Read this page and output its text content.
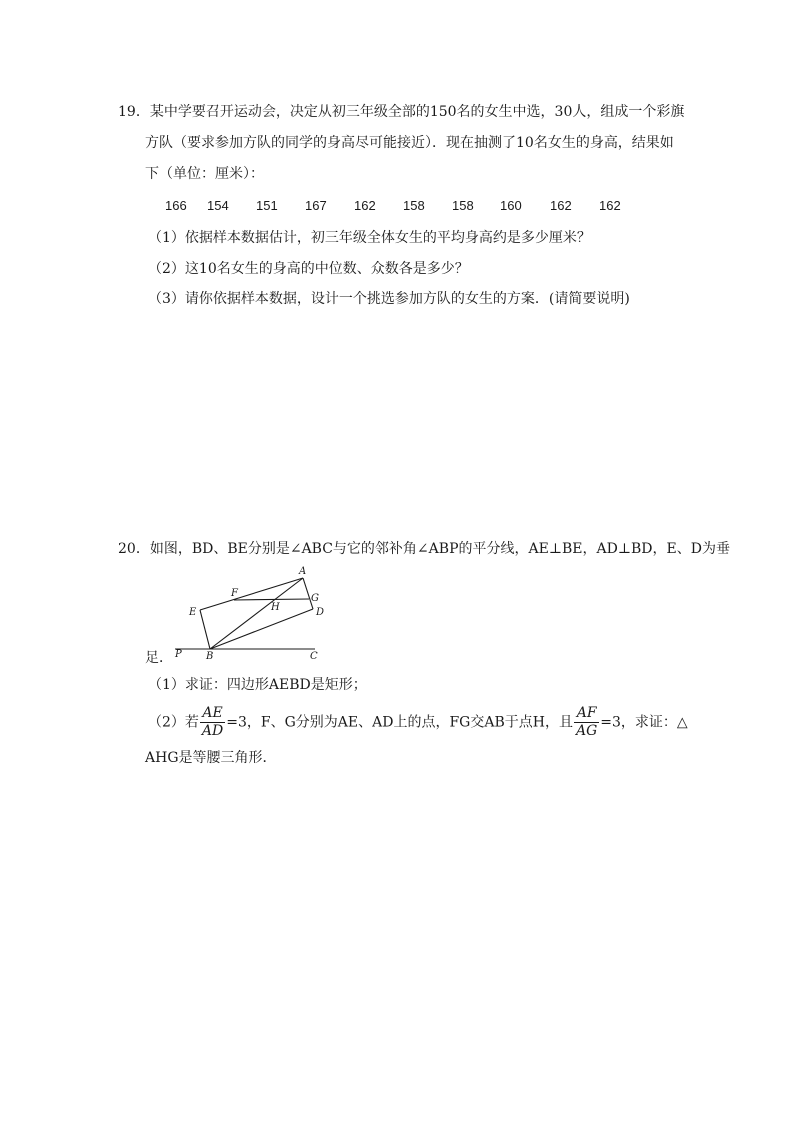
19．某中学要召开运动会，决定从初三年级全部的150名的女生中选，30人，组成一个彩旗
方队（要求参加方队的同学的身高尽可能接近）．现在抽测了10名女生的身高，结果如
下（单位：厘米）：
166 154 151 167 162 158 158 160 162 162
（1）依据样本数据估计，初三年级全体女生的平均身高约是多少厘米？
（2）这10名女生的身高的中位数、众数各是多少？
（3）请你依据样本数据，设计一个挑选参加方队的女生的方案．(请简要说明)
20．如图，BD、BE分别是∠ABC与它的邻补角∠ABP的平分线，AE⊥BE，AD⊥BD，E、D为垂
A
E
F
H
G
D
P B	C
足．
（1）求证：四边形AEBD是矩形；
（2）若 $\frac{AE}{AD} =3$，F、G分别为AE、AD上的点，FG交AB于点H，且 $\frac{AF}{AG} =3$，求证：△
AHG是等腰三角形．
